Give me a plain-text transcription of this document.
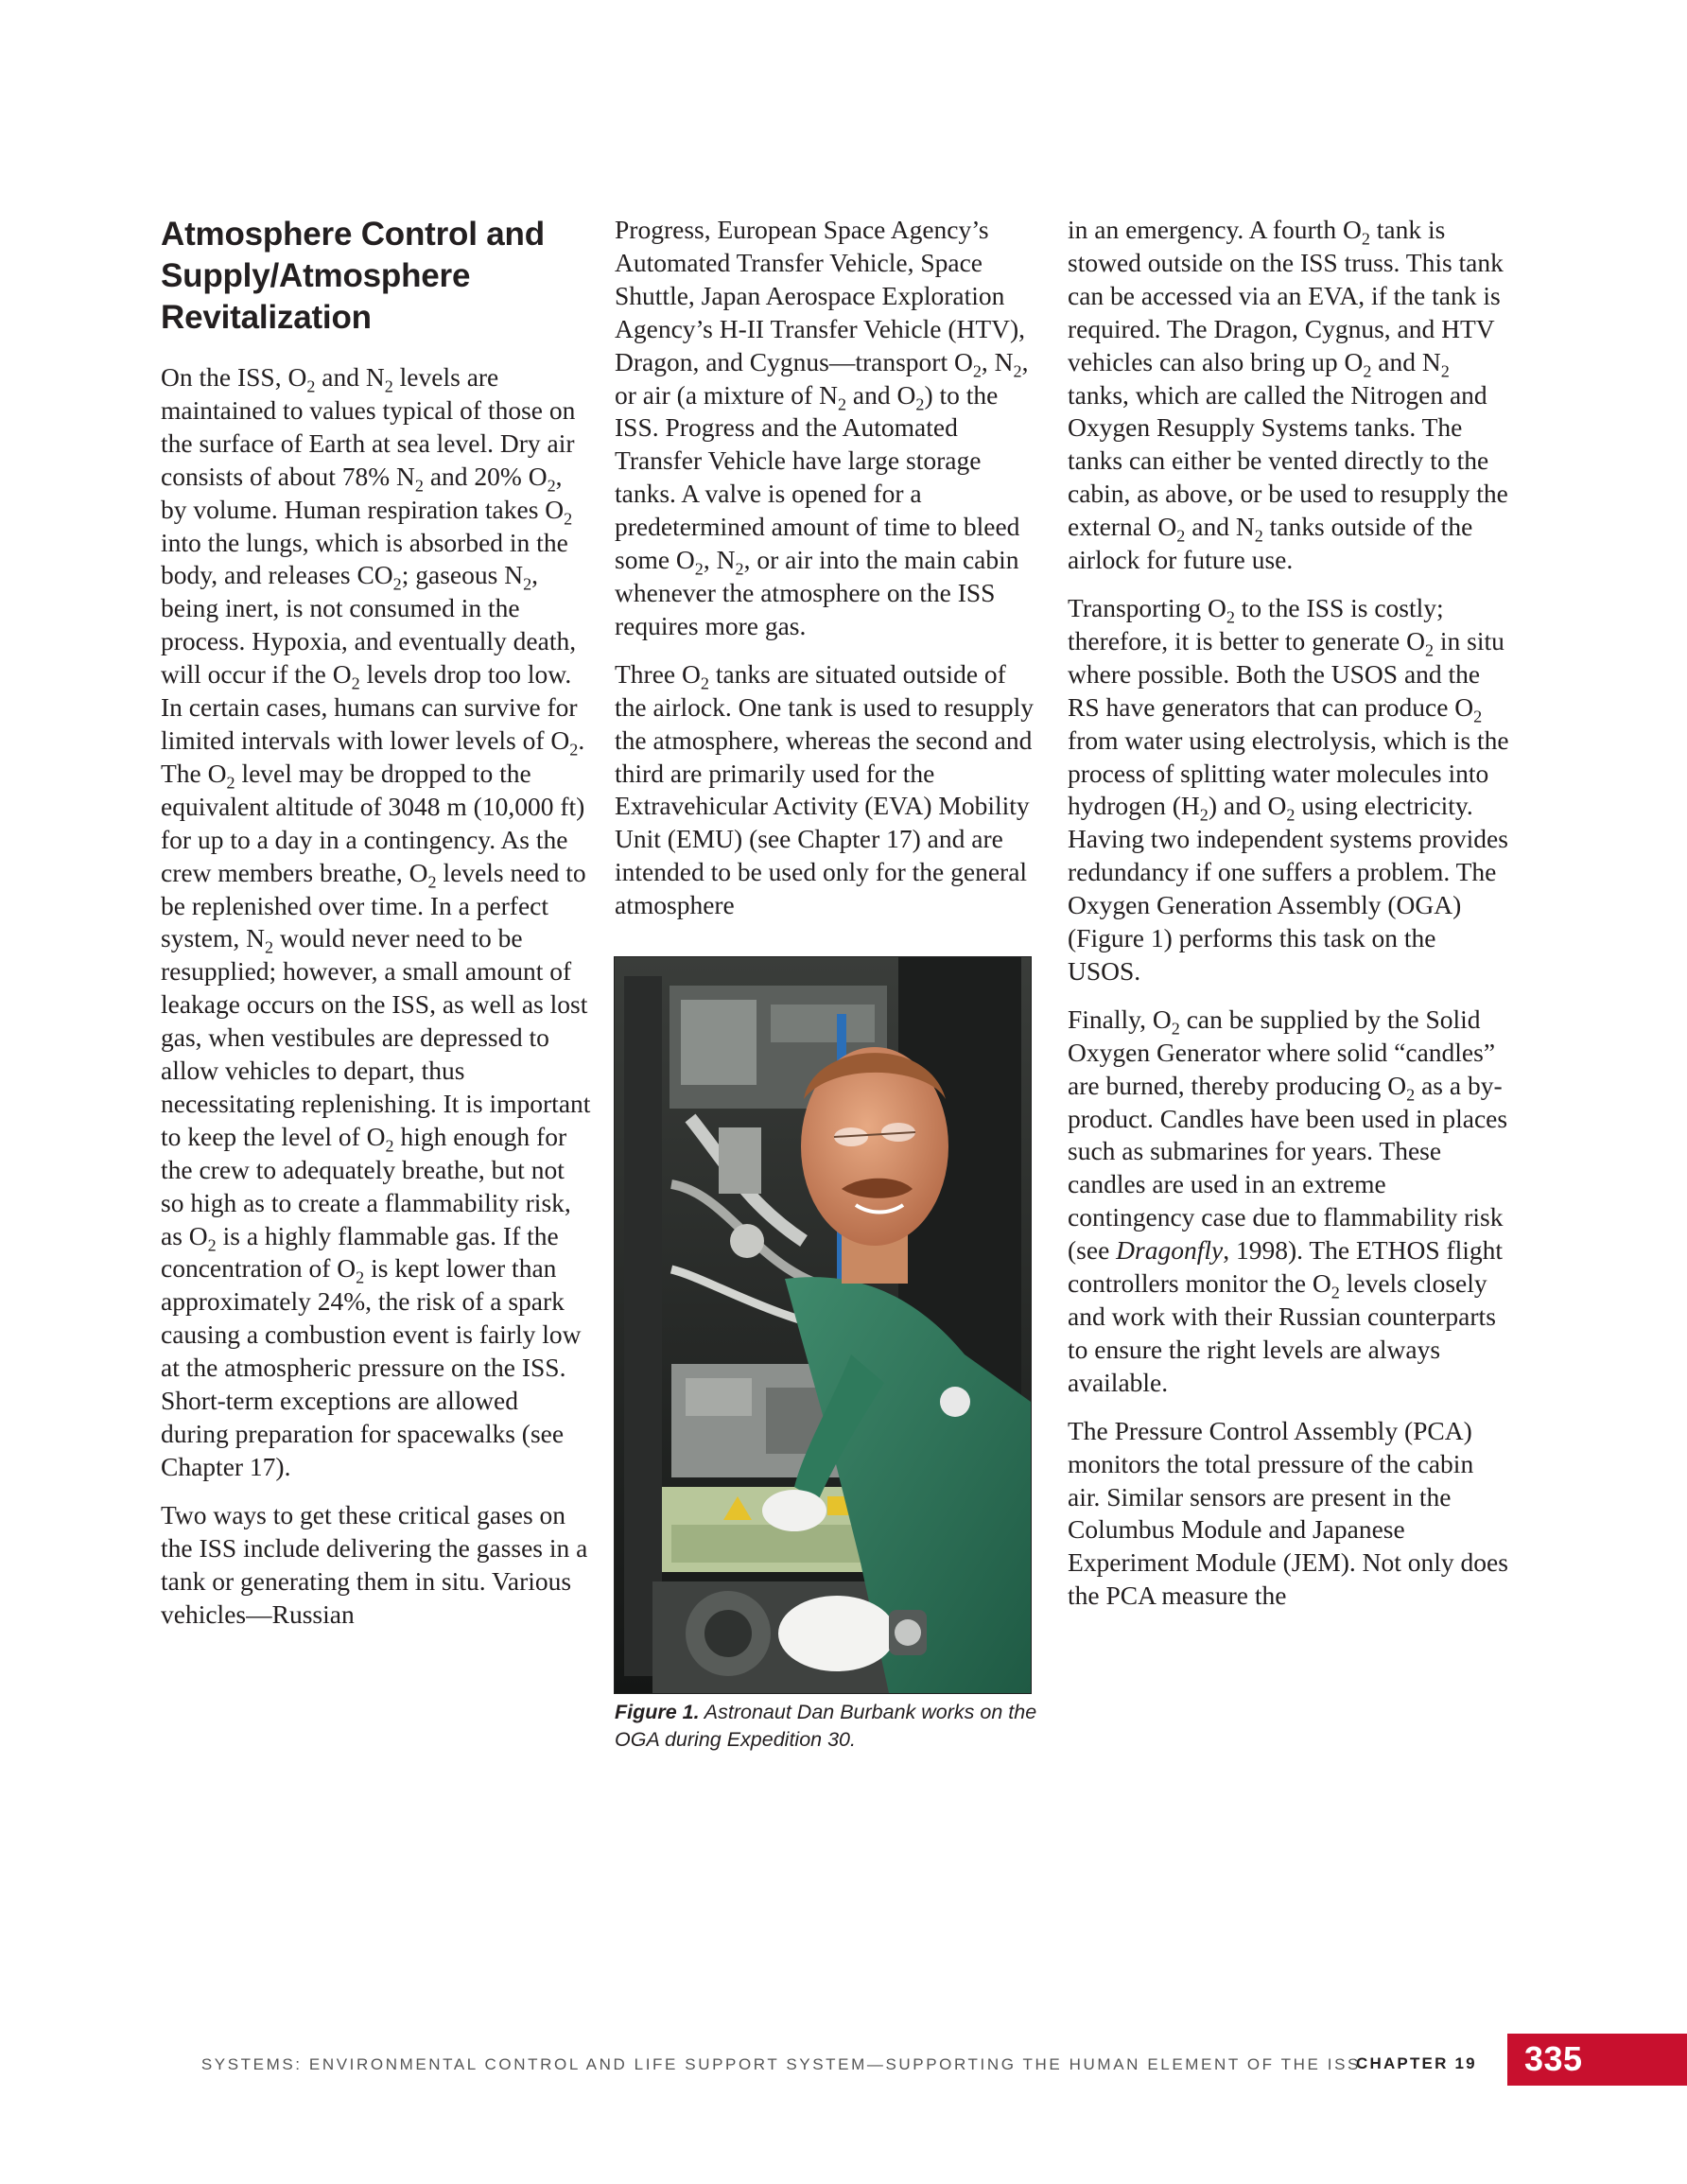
Atmosphere Control and Supply/Atmosphere Revitalization

On the ISS, $O_2$ and $N_2$ levels are maintained to values typical of those on the surface of Earth at sea level. Dry air consists of about 78% $N_2$ and 20% $O_2$, by volume. Human respiration takes $O_2$ into the lungs, which is absorbed in the body, and releases $CO_2$; gaseous $N_2$, being inert, is not consumed in the process. Hypoxia, and eventually death, will occur if the $O_2$ levels drop too low. In certain cases, humans can survive for limited intervals with lower levels of $O_2$. The $O_2$ level may be dropped to the equivalent altitude of 3048 m (10,000 ft) for up to a day in a contingency. As the crew members breathe, $O_2$ levels need to be replenished over time. In a perfect system, $N_2$ would never need to be resupplied; however, a small amount of leakage occurs on the ISS, as well as lost gas, when vestibules are depressed to allow vehicles to depart, thus necessitating replenishing. It is important to keep the level of $O_2$ high enough for the crew to adequately breathe, but not so high as to create a flammability risk, as $O_2$ is a highly flammable gas. If the concentration of $O_2$ is kept lower than approximately 24%, the risk of a spark causing a combustion event is fairly low at the atmospheric pressure on the ISS. Short-term exceptions are allowed during preparation for spacewalks (see Chapter 17).

Two ways to get these critical gases on the ISS include delivering the gasses in a tank or generating them in situ. Various vehicles—Russian

Progress, European Space Agency’s Automated Transfer Vehicle, Space Shuttle, Japan Aerospace Exploration Agency’s H-II Transfer Vehicle (HTV), Dragon, and Cygnus—transport $O_2$, $N_2$, or air (a mixture of $N_2$ and $O_2$) to the ISS. Progress and the Automated Transfer Vehicle have large storage tanks. A valve is opened for a predetermined amount of time to bleed some $O_2$, $N_2$, or air into the main cabin whenever the atmosphere on the ISS requires more gas.

Three $O_2$ tanks are situated outside of the airlock. One tank is used to resupply the atmosphere, whereas the second and third are primarily used for the Extravehicular Activity (EVA) Mobility Unit (EMU) (see Chapter 17) and are intended to be used only for the general atmosphere

Figure 1. Astronaut Dan Burbank works on the OGA during Expedition 30.

in an emergency. A fourth $O_2$ tank is stowed outside on the ISS truss. This tank can be accessed via an EVA, if the tank is required. The Dragon, Cygnus, and HTV vehicles can also bring up $O_2$ and $N_2$ tanks, which are called the Nitrogen and Oxygen Resupply Systems tanks. The tanks can either be vented directly to the cabin, as above, or be used to resupply the external $O_2$ and $N_2$ tanks outside of the airlock for future use.

Transporting $O_2$ to the ISS is costly; therefore, it is better to generate $O_2$ in situ where possible. Both the USOS and the RS have generators that can produce $O_2$ from water using electrolysis, which is the process of splitting water molecules into hydrogen $(H_2)$ and $O_2$ using electricity. Having two independent systems provides redundancy if one suffers a problem. The Oxygen Generation Assembly (OGA) (Figure 1) performs this task on the USOS.

Finally, $O_2$ can be supplied by the Solid Oxygen Generator where solid “candles” are burned, thereby producing $O_2$ as a by-product. Candles have been used in places such as submarines for years. These candles are used in an extreme contingency case due to flammability risk (see Dragonfly, 1998). The ETHOS flight controllers monitor the $O_2$ levels closely and work with their Russian counterparts to ensure the right levels are always available.

The Pressure Control Assembly (PCA) monitors the total pressure of the cabin air. Similar sensors are present in the Columbus Module and Japanese Experiment Module (JEM). Not only does the PCA measure the

SYSTEMS: ENVIRONMENTAL CONTROL AND LIFE SUPPORT SYSTEM—SUPPORTING THE HUMAN ELEMENT OF THE ISS
CHAPTER 19 335
